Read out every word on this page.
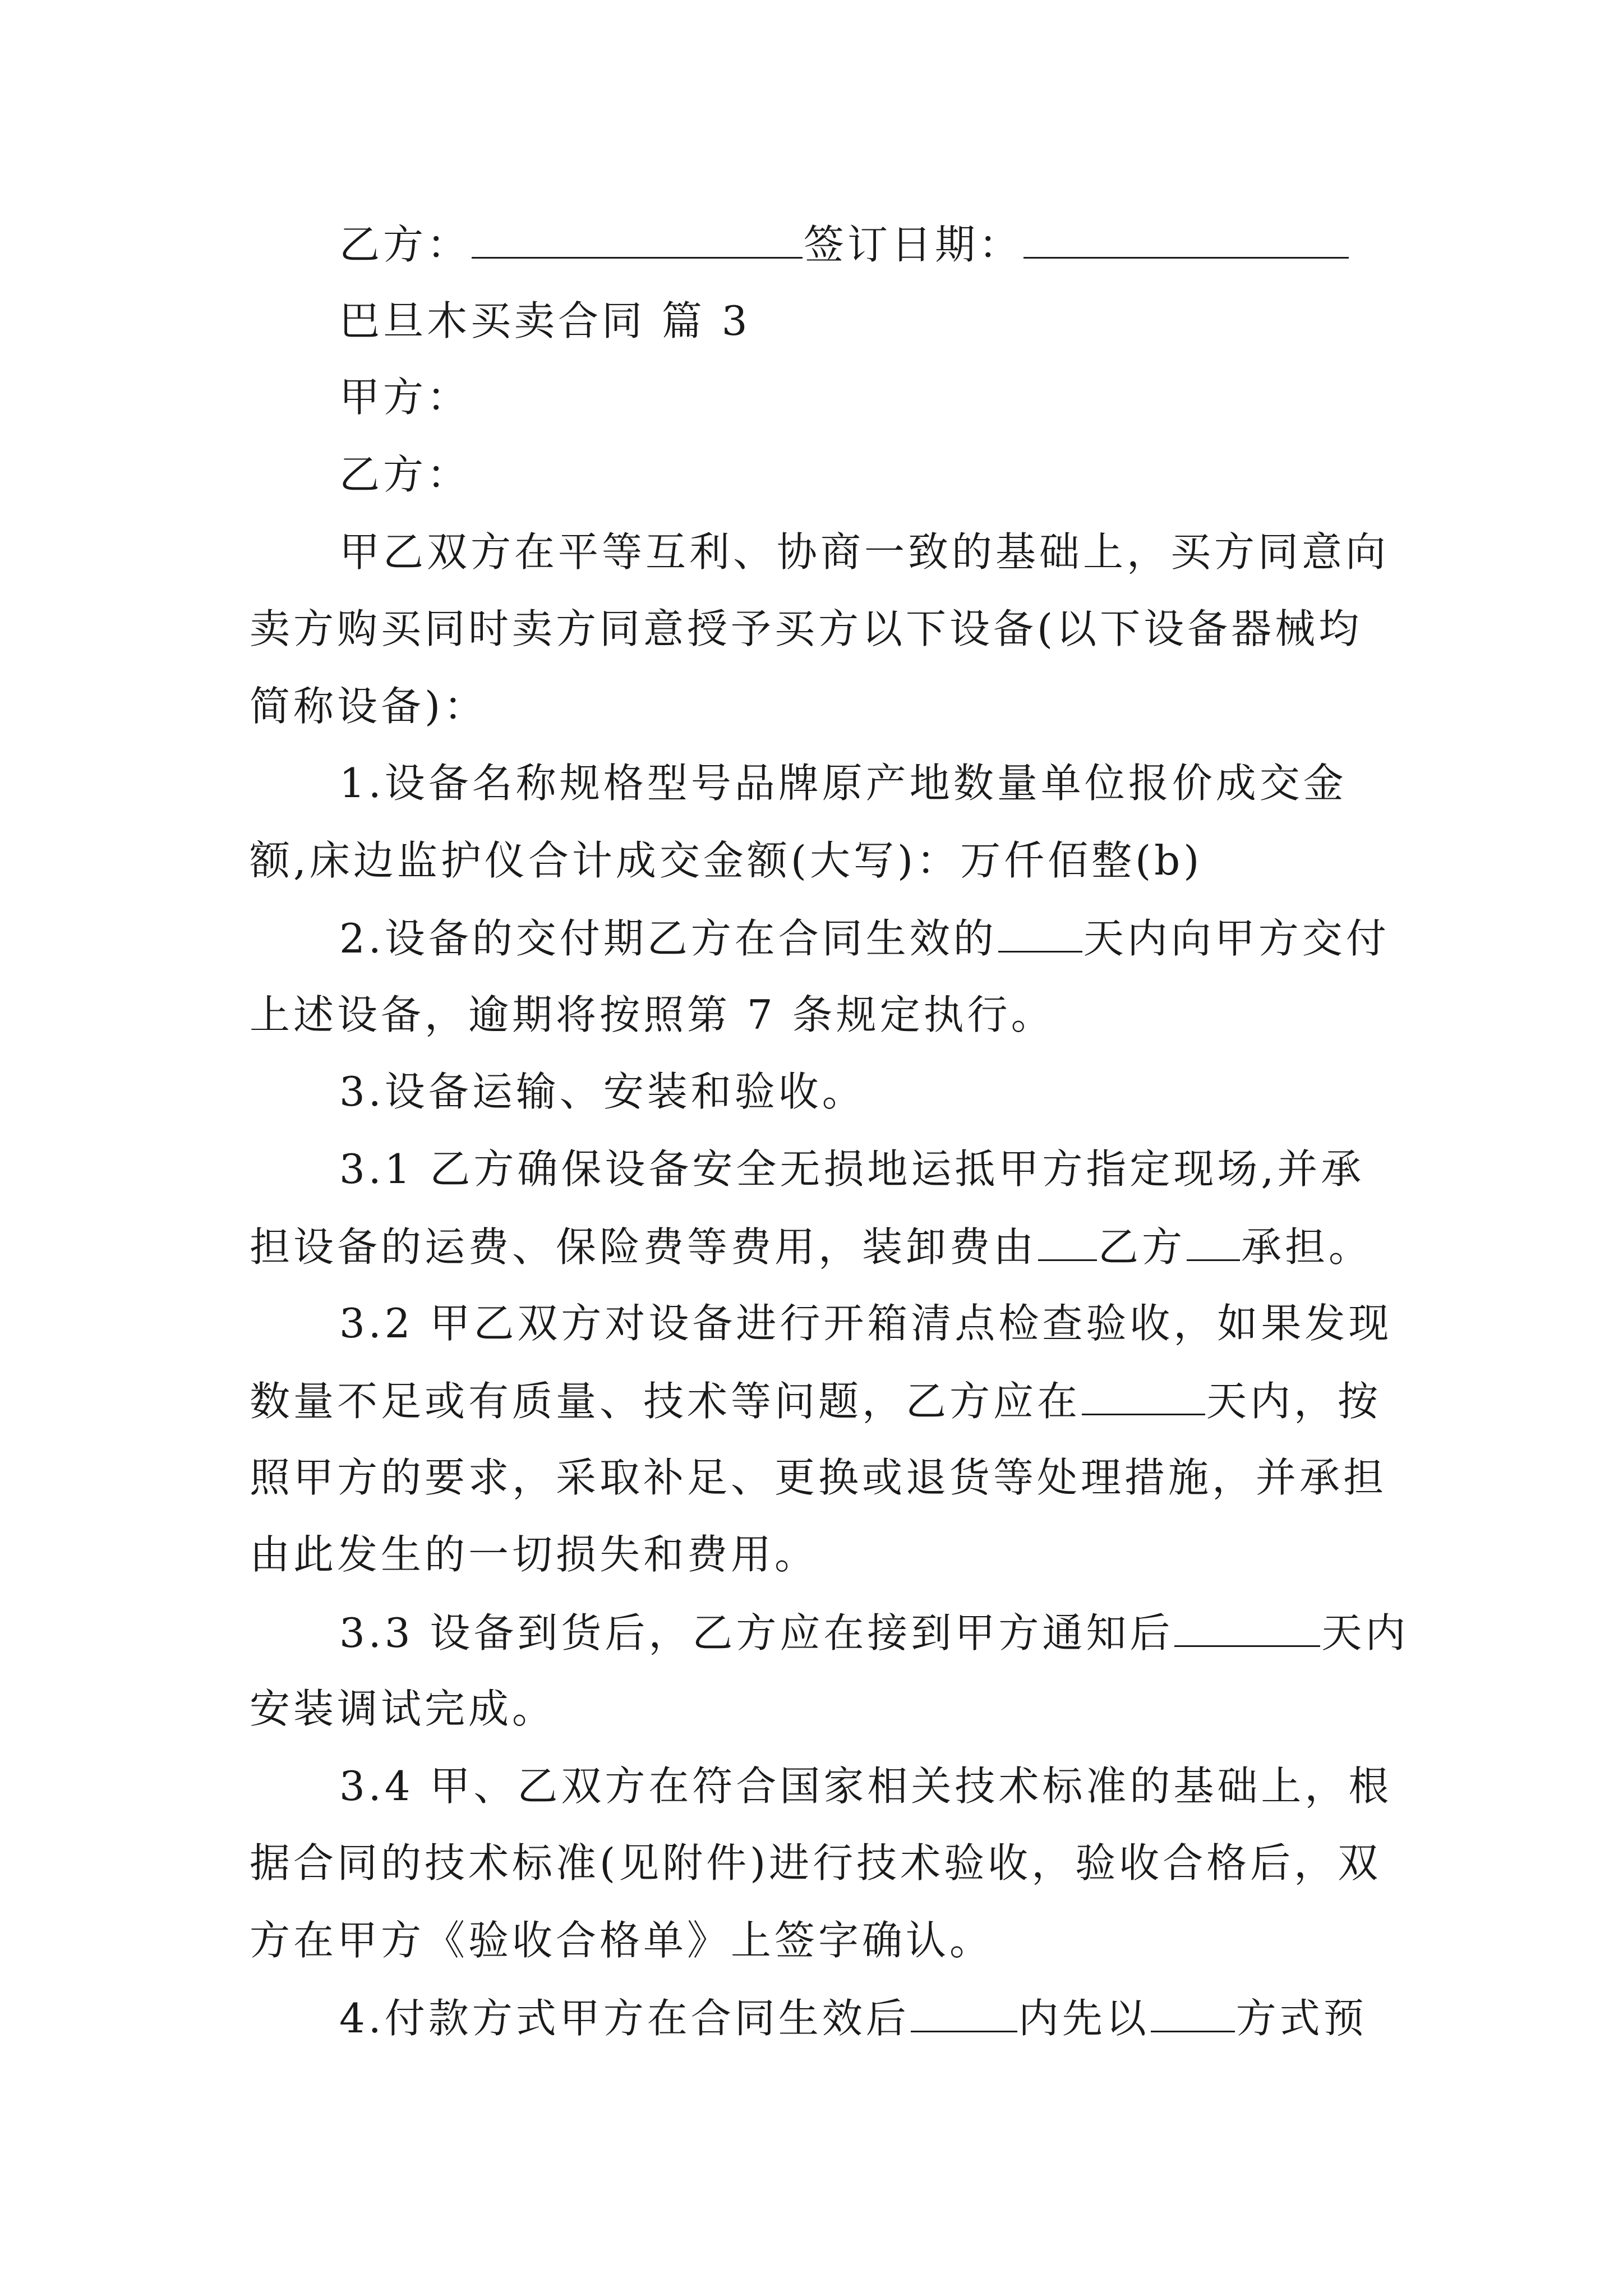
乙方：	签订日期：
巴旦木买卖合同 篇 3
甲方：
乙方：
甲乙双方在平等互利、协商一致的基础上，买方同意向
卖方购买同时卖方同意授予买方以下设备(以下设备器械均
简称设备)：
1.设备名称规格型号品牌原产地数量单位报价成交金
额,床边监护仪合计成交金额(大写)：万仟佰整(b)
2.设备的交付期乙方在合同生效的 天内向甲方交付
上述设备，逾期将按照第 7 条规定执行。
3.设备运输、安装和验收。
3.1 乙方确保设备安全无损地运抵甲方指定现场,并承
担设备的运费、保险费等费用，装卸费由 乙方 承担。
3.2 甲乙双方对设备进行开箱清点检查验收，如果发现
数量不足或有质量、技术等问题，乙方应在	天内，按
照甲方的要求，采取补足、更换或退货等处理措施，并承担
由此发生的一切损失和费用。
3.3 设备到货后，乙方应在接到甲方通知后	天内
安装调试完成。
3.4 甲、乙双方在符合国家相关技术标准的基础上，根
据合同的技术标准(见附件)进行技术验收，验收合格后，双
方在甲方《验收合格单》上签字确认。
4.付款方式甲方在合同生效后	内先以 方式预
